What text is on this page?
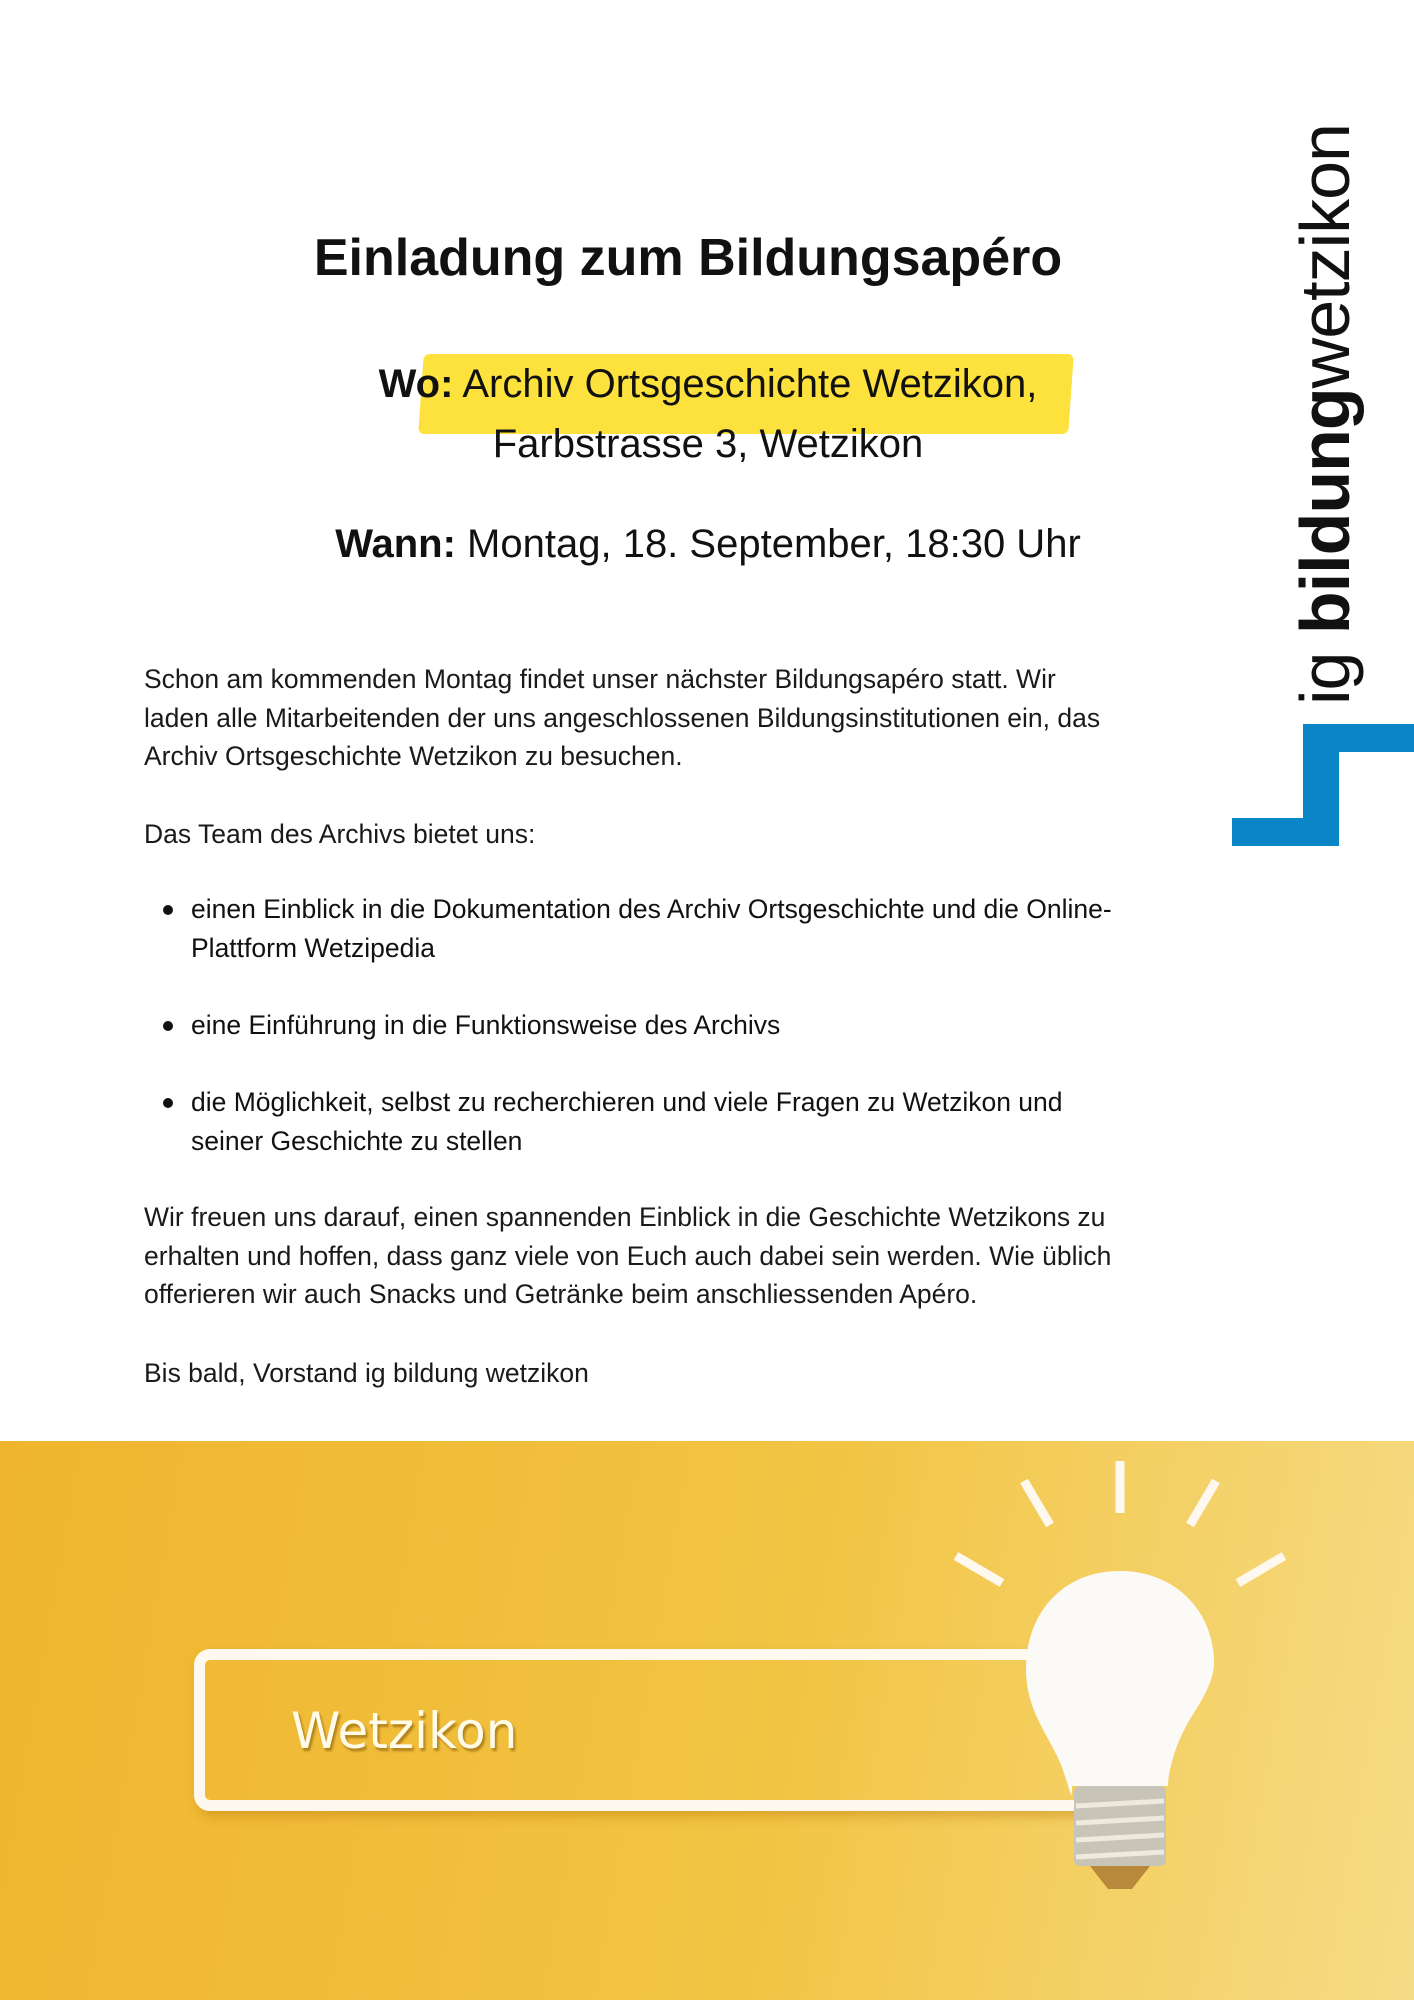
Einladung zum Bildungsapéro
Wo: Archiv Ortsgeschichte Wetzikon,
Farbstrasse 3, Wetzikon
Wann: Montag, 18. September, 18:30 Uhr
Schon am kommenden Montag findet unser nächster Bildungsapéro statt. Wir
laden alle Mitarbeitenden der uns angeschlossenen Bildungsinstitutionen ein, das
Archiv Ortsgeschichte Wetzikon zu besuchen.
Das Team des Archivs bietet uns:
einen Einblick in die Dokumentation des Archiv Ortsgeschichte und die Online-
Plattform Wetzipedia
eine Einführung in die Funktionsweise des Archivs
die Möglichkeit, selbst zu recherchieren und viele Fragen zu Wetzikon und
seiner Geschichte zu stellen
Wir freuen uns darauf, einen spannenden Einblick in die Geschichte Wetzikons zu
erhalten und hoffen, dass ganz viele von Euch auch dabei sein werden. Wie üblich
offerieren wir auch Snacks und Getränke beim anschliessenden Apéro.
Bis bald, Vorstand ig bildung wetzikon
ig bildungwetzikon
Wetzikon
